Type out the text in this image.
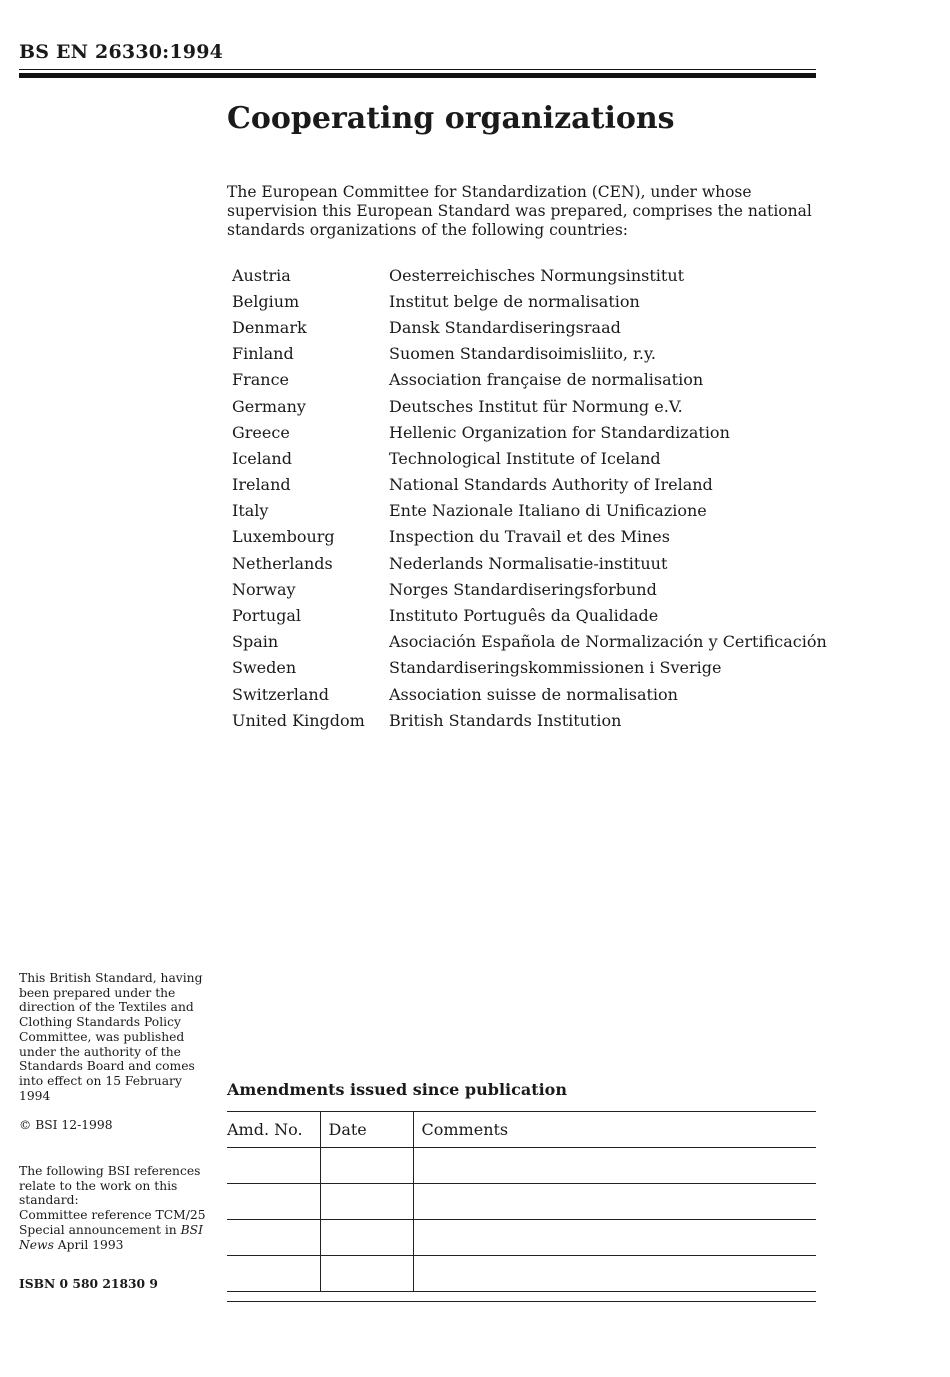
BS EN 26330:1994
Cooperating organizations

The European Committee for Standardization (CEN), under whose supervision this European Standard was prepared, comprises the national standards organizations of the following countries:

Austria	Oesterreichisches Normungsinstitut
Belgium	Institut belge de normalisation
Denmark	Dansk Standardiseringsraad
Finland	Suomen Standardisoimisliito, r.y.
France	Association française de normalisation
Germany	Deutsches Institut für Normung e.V.
Greece	Hellenic Organization for Standardization
Iceland	Technological Institute of Iceland
Ireland	National Standards Authority of Ireland
Italy	Ente Nazionale Italiano di Unificazione
Luxembourg	Inspection du Travail et des Mines
Netherlands	Nederlands Normalisatie-instituut
Norway	Norges Standardiseringsforbund
Portugal	Instituto Português da Qualidade
Spain	Asociación Española de Normalización y Certificación
Sweden	Standardiseringskommissionen i Sverige
Switzerland	Association suisse de normalisation
United Kingdom	British Standards Institution

This British Standard, having been prepared under the direction of the Textiles and Clothing Standards Policy Committee, was published under the authority of the Standards Board and comes into effect on 15 February 1994

© BSI 12-1998

The following BSI references relate to the work on this standard:
Committee reference TCM/25
Special announcement in BSI News April 1993

ISBN 0 580 21830 9

Amendments issued since publication
Amd. No.	Date	Comments
